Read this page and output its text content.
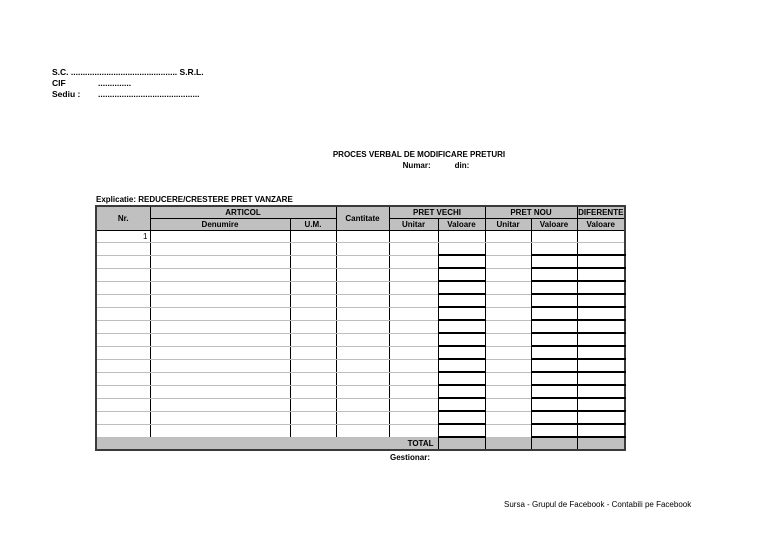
S.C. ............................................. S.R.L.
CIF	..............
Sediu :	...........................................
PROCES VERBAL DE MODIFICARE PRETURI
Numar:	din:
Explicatie: REDUCERE/CRESTERE PRET VANZARE
Nr.	ARTICOL		Cantitate	PRET VECHI		PRET NOU		DIFERENTE
	Denumire	U.M.		Unitar	Valoare	Unitar	Valoare	Valoare
1								

TOTAL								
Gestionar:
Sursa - Grupul de Facebook - Contabili pe Facebook
